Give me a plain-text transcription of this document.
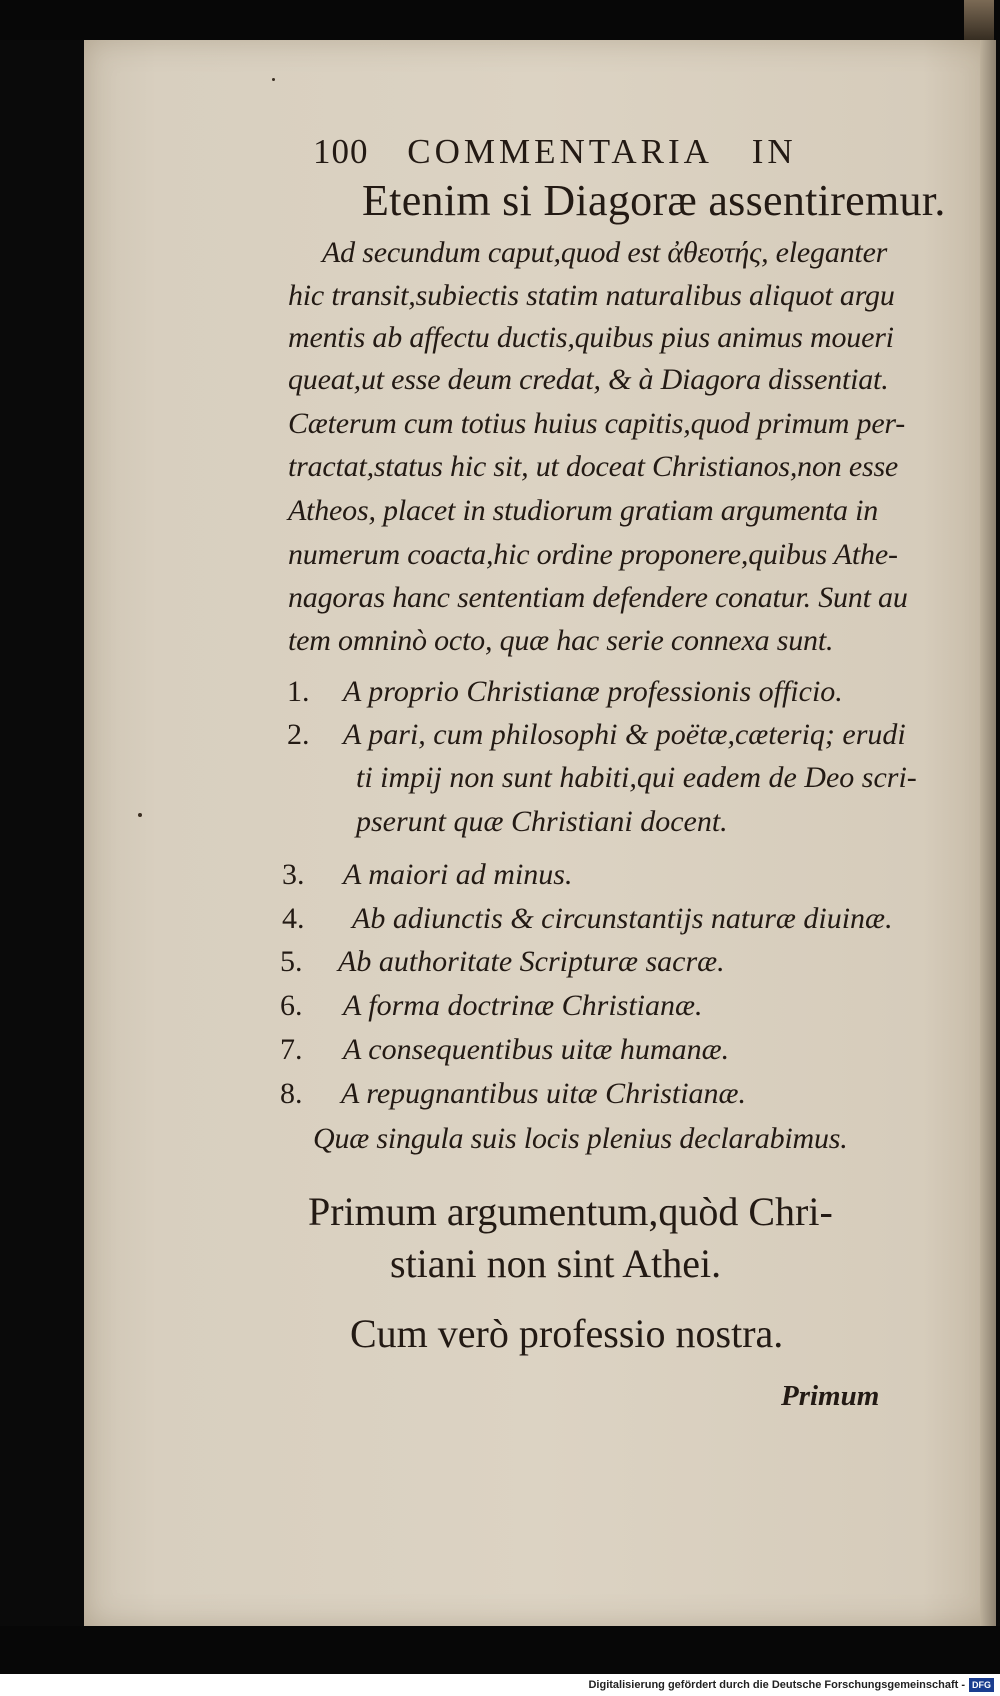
100 COMMENTARIA IN
Etenim si Diagoræ assentiremur.
Ad secundum caput,quod est ἀθεοτής, eleganter
hic transit,subiectis statim naturalibus aliquot argu
mentis ab affectu ductis,quibus pius animus moueri
queat,ut esse deum credat, & à Diagora dissentiat.
Cæterum cum totius huius capitis,quod primum per-
tractat,status hic sit, ut doceat Christianos,non esse
Atheos, placet in studiorum gratiam argumenta in
numerum coacta,hic ordine proponere,quibus Athe-
nagoras hanc sententiam defendere conatur. Sunt au
tem omninò octo, quæ hac serie connexa sunt.
1. A proprio Christianæ professionis officio.
2. A pari, cum philosophi & poëtæ,cæteriq; erudi
ti impij non sunt habiti,qui eadem de Deo scri-
pserunt quæ Christiani docent.
3. A maiori ad minus.
4. Ab adiunctis & circunstantijs naturæ diuinæ.
5. Ab authoritate Scripturæ sacræ.
6. A forma doctrinæ Christianæ.
7. A consequentibus uitæ humanæ.
8. A repugnantibus uitæ Christianæ.
Quæ singula suis locis plenius declarabimus.
Primum argumentum,quòd Chri-
stiani non sint Athei.
Cum verò professio nostra.
Primum
Digitalisierung gefördert durch die Deutsche Forschungsgemeinschaft - DFG
